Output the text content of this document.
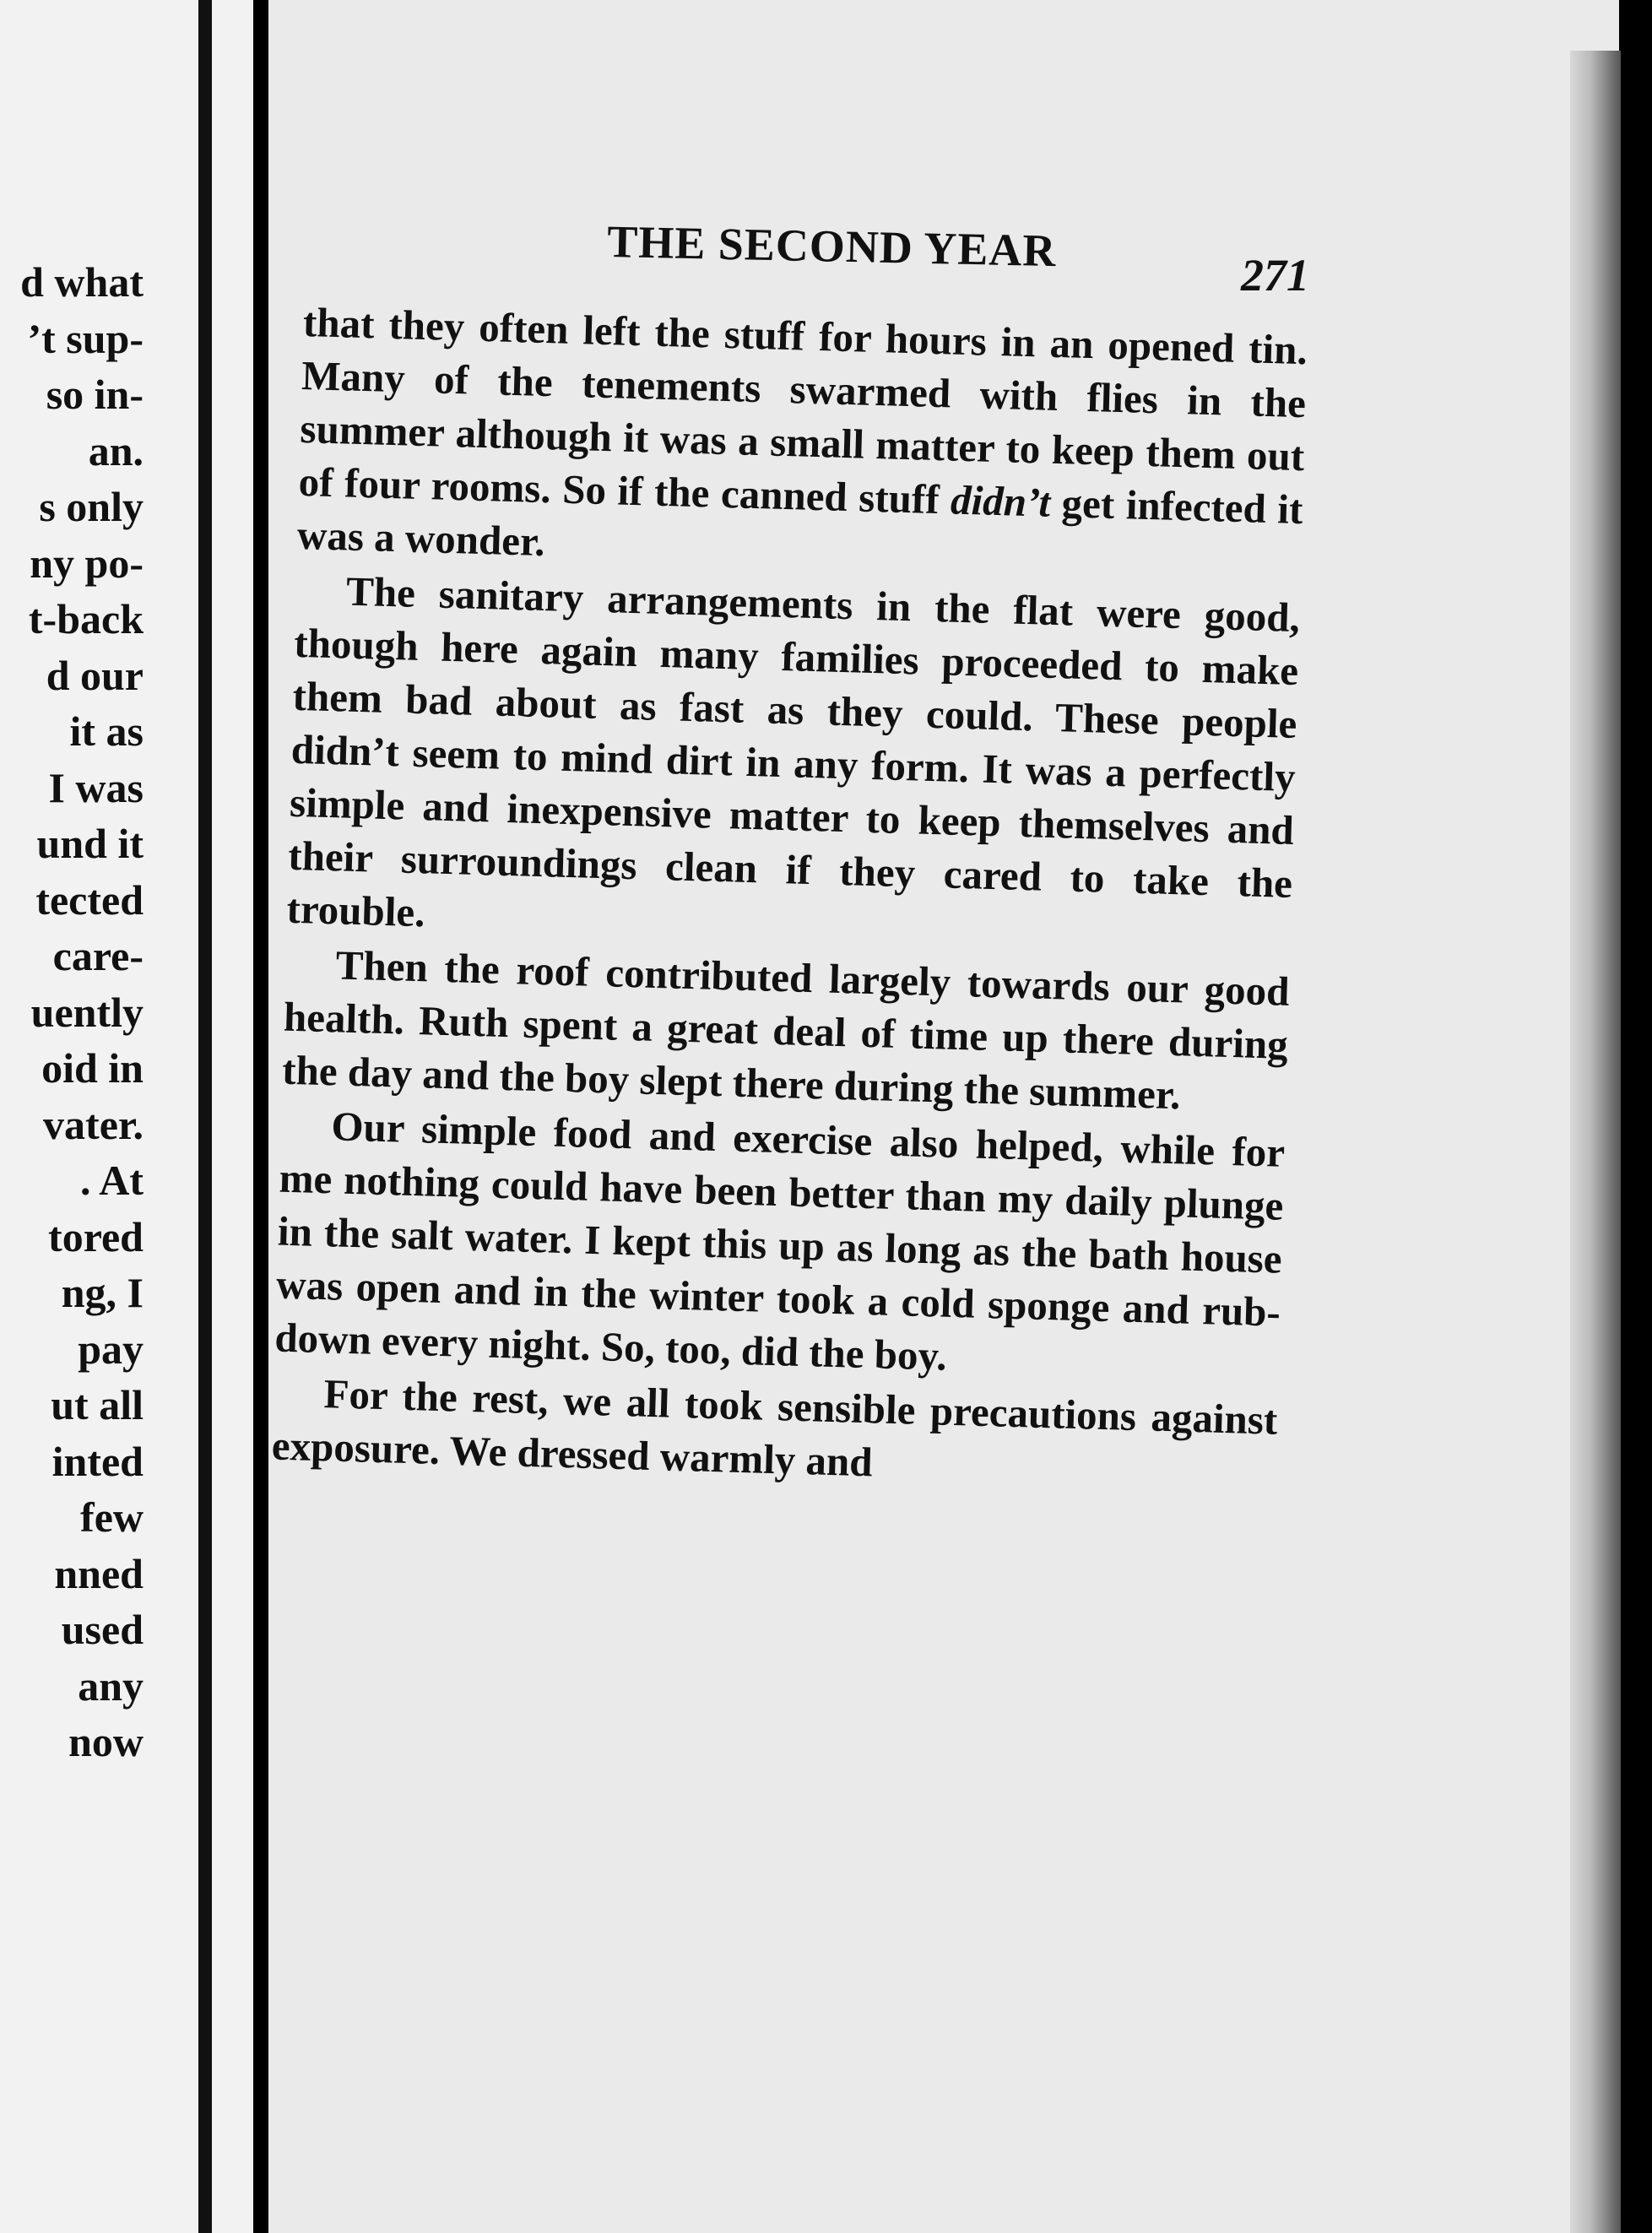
d what
’t sup-
so in-
an.
s only
ny po-
t-back
d our
it as
I was
und it
tected
care-
uently
oid in
vater.
. At
tored
ng, I
pay
ut all
inted
few
nned
used
any
now
THE SECOND YEAR	271

that they often left the stuff for hours in an opened tin. Many of the tenements swarmed with flies in the summer although it was a small matter to keep them out of four rooms. So if the canned stuff didn’t get infected it was a wonder.

The sanitary arrangements in the flat were good, though here again many families proceeded to make them bad about as fast as they could. These people didn’t seem to mind dirt in any form. It was a perfectly simple and inexpensive matter to keep themselves and their surroundings clean if they cared to take the trouble.

Then the roof contributed largely towards our good health. Ruth spent a great deal of time up there during the day and the boy slept there during the summer.

Our simple food and exercise also helped, while for me nothing could have been better than my daily plunge in the salt water. I kept this up as long as the bath house was open and in the winter took a cold sponge and rub-down every night. So, too, did the boy.

For the rest, we all took sensible precautions against exposure. We dressed warmly and
